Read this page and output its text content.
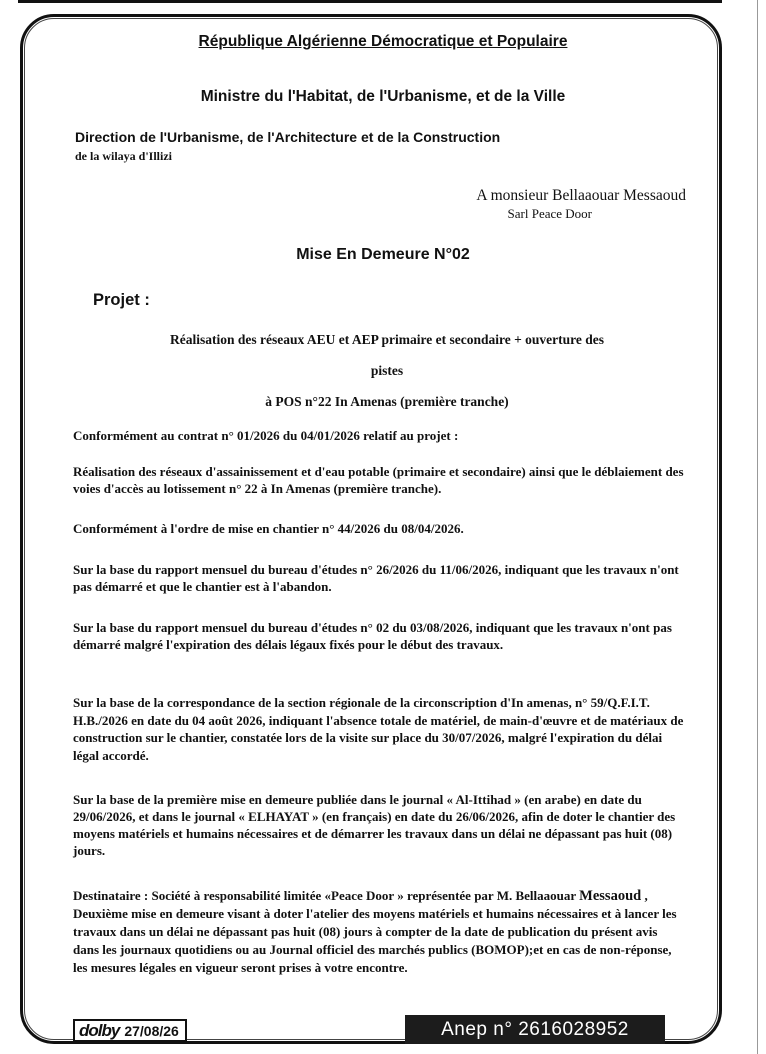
République Algérienne Démocratique et Populaire
Ministre du l'Habitat, de l'Urbanisme, et de la Ville
Direction de l'Urbanisme, de l'Architecture et de la Construction
de la wilaya d'Illizi
A monsieur Bellaaouar Messaoud
Sarl Peace Door
Mise En Demeure N°02
Projet :
Réalisation des réseaux AEU et AEP primaire et secondaire + ouverture des
pistes
à POS n°22 In Amenas (première tranche)
Conformément au contrat n° 01/2026 du 04/01/2026 relatif au projet :
Réalisation des réseaux d'assainissement et d'eau potable (primaire et secondaire) ainsi que le déblaiement des voies d'accès au lotissement n° 22 à In Amenas (première tranche).
Conformément à l'ordre de mise en chantier n° 44/2026 du 08/04/2026.
Sur la base du rapport mensuel du bureau d'études n° 26/2026 du 11/06/2026, indiquant que les travaux n'ont pas démarré et que le chantier est à l'abandon.
Sur la base du rapport mensuel du bureau d'études n° 02 du 03/08/2026, indiquant que les travaux n'ont pas démarré malgré l'expiration des délais légaux fixés pour le début des travaux.
Sur la base de la correspondance de la section régionale de la circonscription d'In amenas, n° 59/Q.F.I.T. H.B./2026 en date du 04 août 2026, indiquant l'absence totale de matériel, de main-d'œuvre et de matériaux de construction sur le chantier, constatée lors de la visite sur place du 30/07/2026, malgré l'expiration du délai légal accordé.
Sur la base de la première mise en demeure publiée dans le journal « Al-Ittihad » (en arabe) en date du 29/06/2026, et dans le journal « ELHAYAT » (en français) en date du 26/06/2026, afin de doter le chantier des moyens matériels et humains nécessaires et de démarrer les travaux dans un délai ne dépassant pas huit (08) jours.
Destinataire : Société à responsabilité limitée «Peace Door » représentée par M. Bellaaouar Messaoud , Deuxième mise en demeure visant à doter l'atelier des moyens matériels et humains nécessaires et à lancer les travaux dans un délai ne dépassant pas huit (08) jours à compter de la date de publication du présent avis dans les journaux quotidiens ou au Journal officiel des marchés publics (BOMOP);et en cas de non-réponse, les mesures légales en vigueur seront prises à votre encontre.
dolby 27/08/26	Anep n° 2616028952
